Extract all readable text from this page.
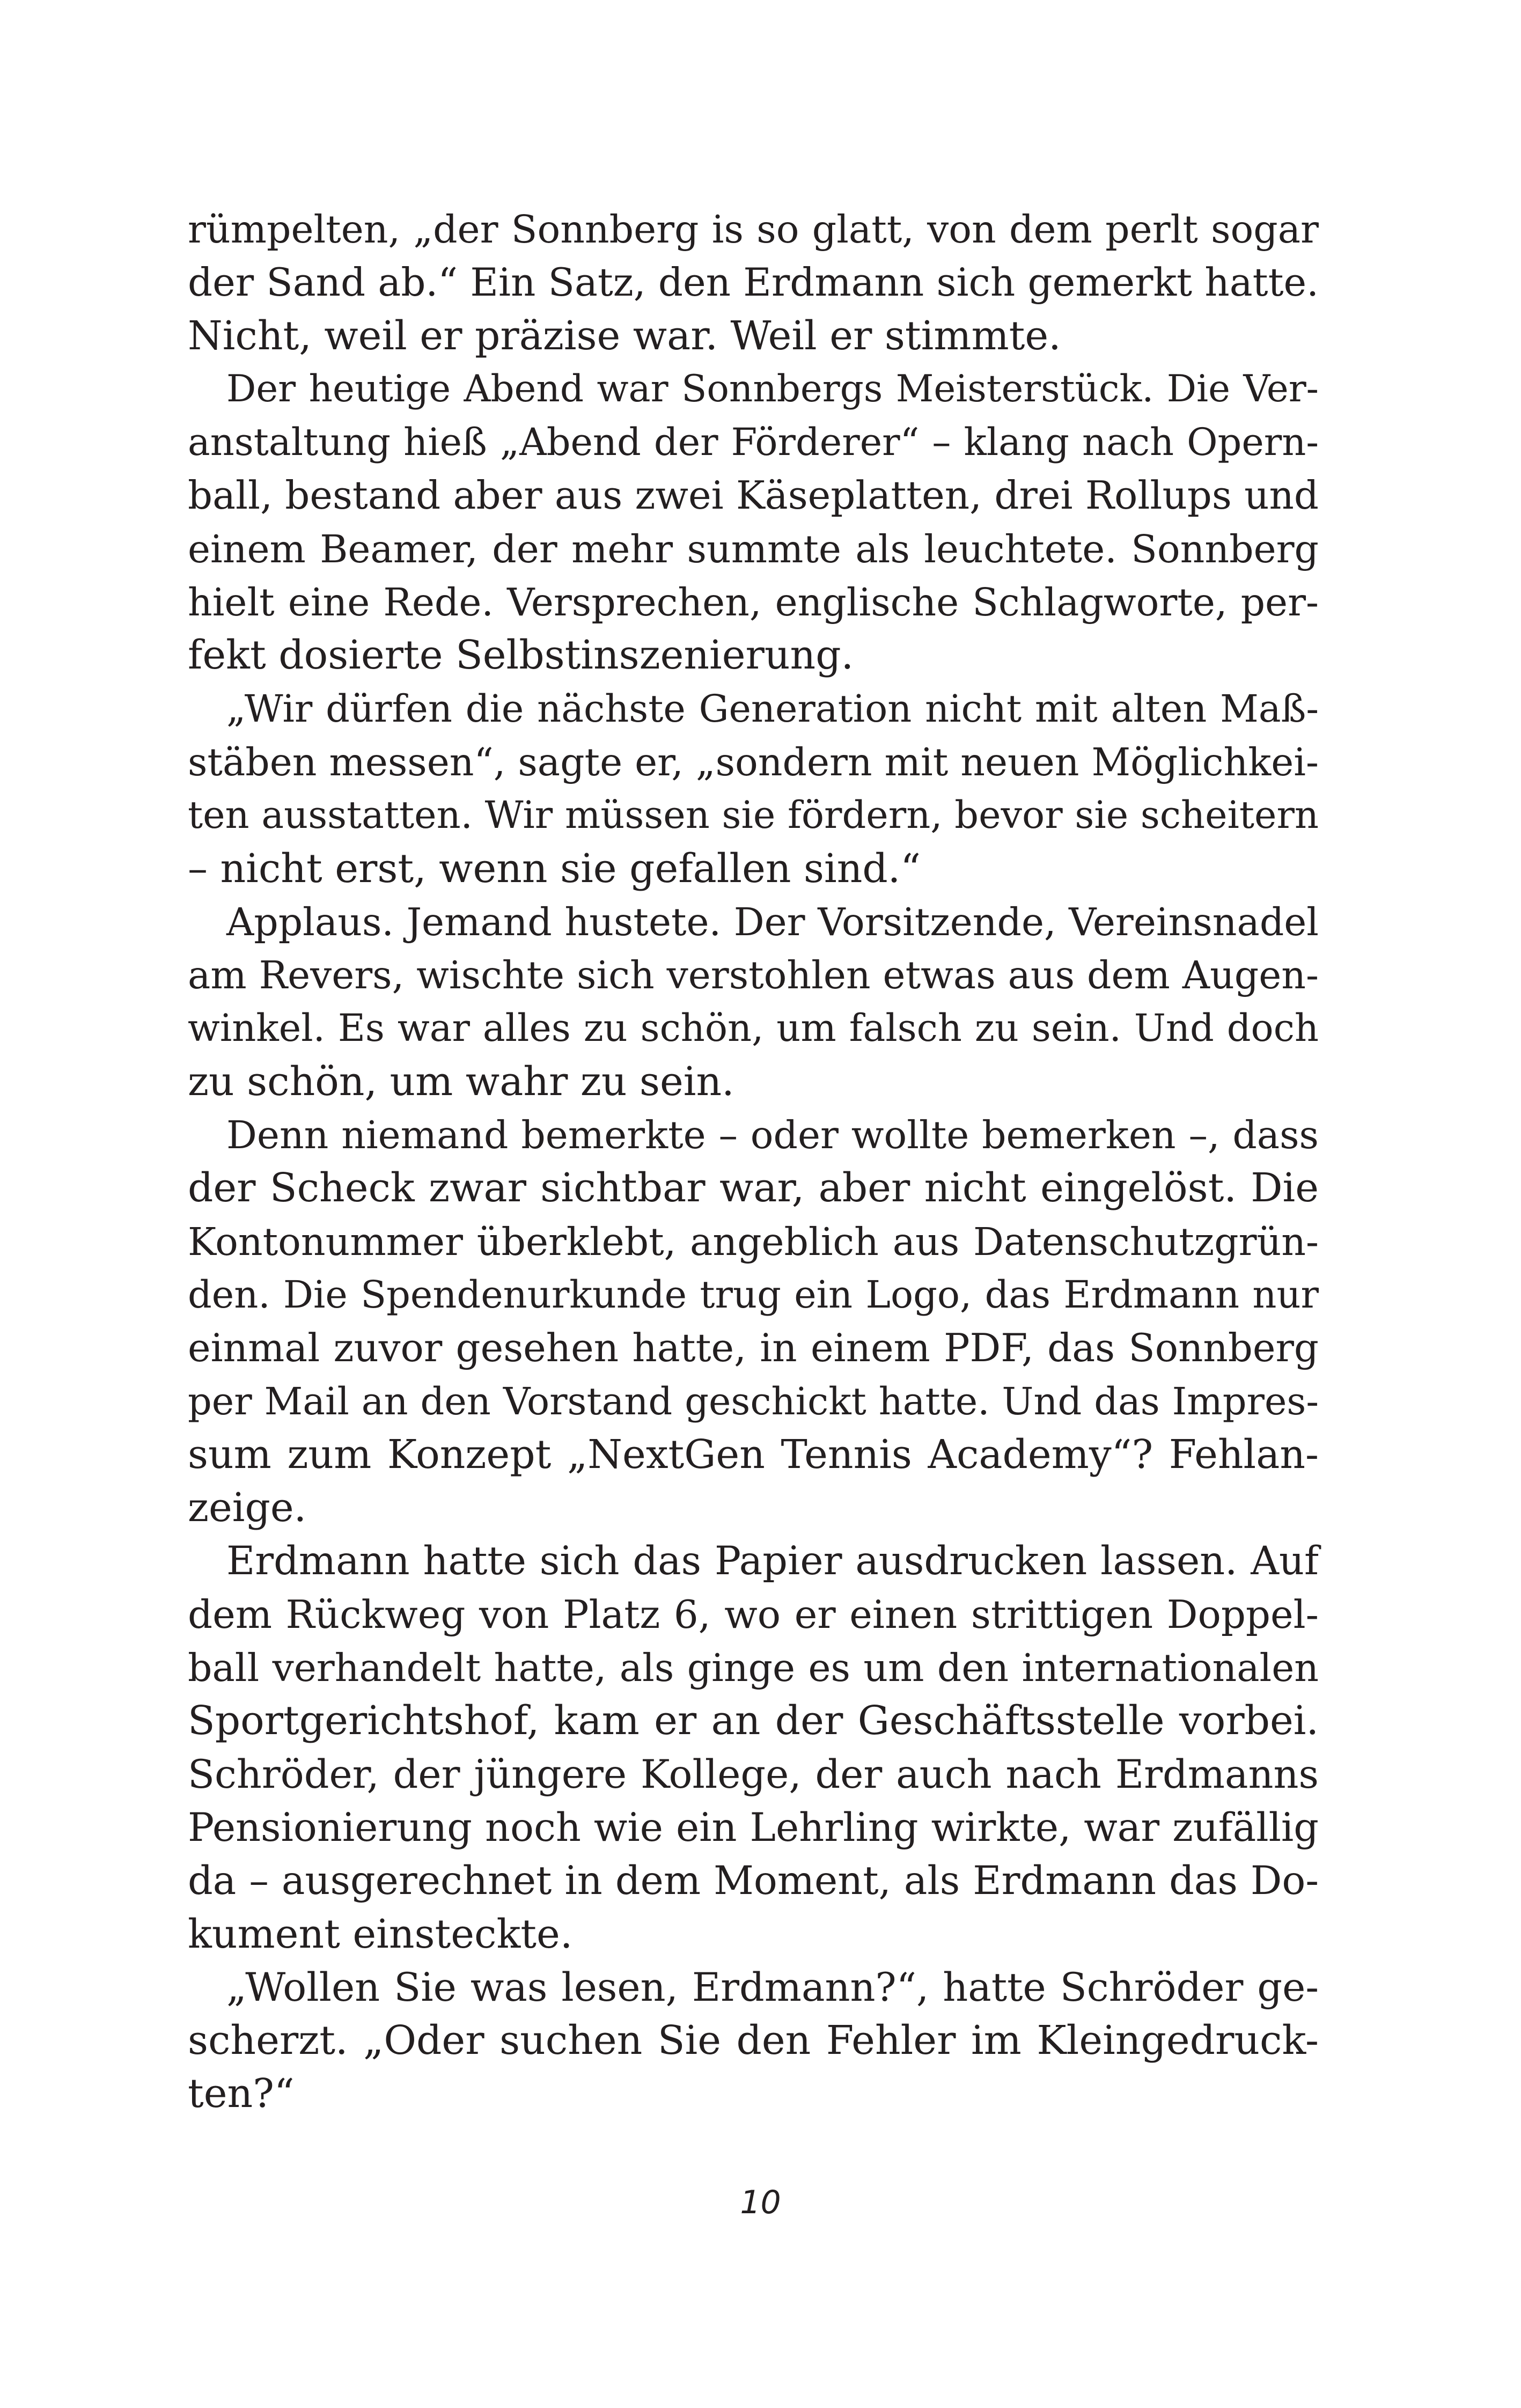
rümpelten, „der Sonnberg is so glatt, von dem perlt sogar
der Sand ab.“ Ein Satz, den Erdmann sich gemerkt hatte.
Nicht, weil er präzise war. Weil er stimmte.
Der heutige Abend war Sonnbergs Meisterstück. Die Ver-
anstaltung hieß „Abend der Förderer“ – klang nach Opern-
ball, bestand aber aus zwei Käseplatten, drei Rollups und
einem Beamer, der mehr summte als leuchtete. Sonnberg
hielt eine Rede. Versprechen, englische Schlagworte, per-
fekt dosierte Selbstinszenierung.
„Wir dürfen die nächste Generation nicht mit alten Maß-
stäben messen“, sagte er, „sondern mit neuen Möglichkei-
ten ausstatten. Wir müssen sie fördern, bevor sie scheitern
– nicht erst, wenn sie gefallen sind.“
Applaus. Jemand hustete. Der Vorsitzende, Vereinsnadel
am Revers, wischte sich verstohlen etwas aus dem Augen-
winkel. Es war alles zu schön, um falsch zu sein. Und doch
zu schön, um wahr zu sein.
Denn niemand bemerkte – oder wollte bemerken –, dass
der Scheck zwar sichtbar war, aber nicht eingelöst. Die
Kontonummer überklebt, angeblich aus Datenschutzgrün-
den. Die Spendenurkunde trug ein Logo, das Erdmann nur
einmal zuvor gesehen hatte, in einem PDF, das Sonnberg
per Mail an den Vorstand geschickt hatte. Und das Impres-
sum zum Konzept „NextGen Tennis Academy“? Fehlan-
zeige.
Erdmann hatte sich das Papier ausdrucken lassen. Auf
dem Rückweg von Platz 6, wo er einen strittigen Doppel-
ball verhandelt hatte, als ginge es um den internationalen
Sportgerichtshof, kam er an der Geschäftsstelle vorbei.
Schröder, der jüngere Kollege, der auch nach Erdmanns
Pensionierung noch wie ein Lehrling wirkte, war zufällig
da – ausgerechnet in dem Moment, als Erdmann das Do-
kument einsteckte.
„Wollen Sie was lesen, Erdmann?“, hatte Schröder ge-
scherzt. „Oder suchen Sie den Fehler im Kleingedruck-
ten?“
10
